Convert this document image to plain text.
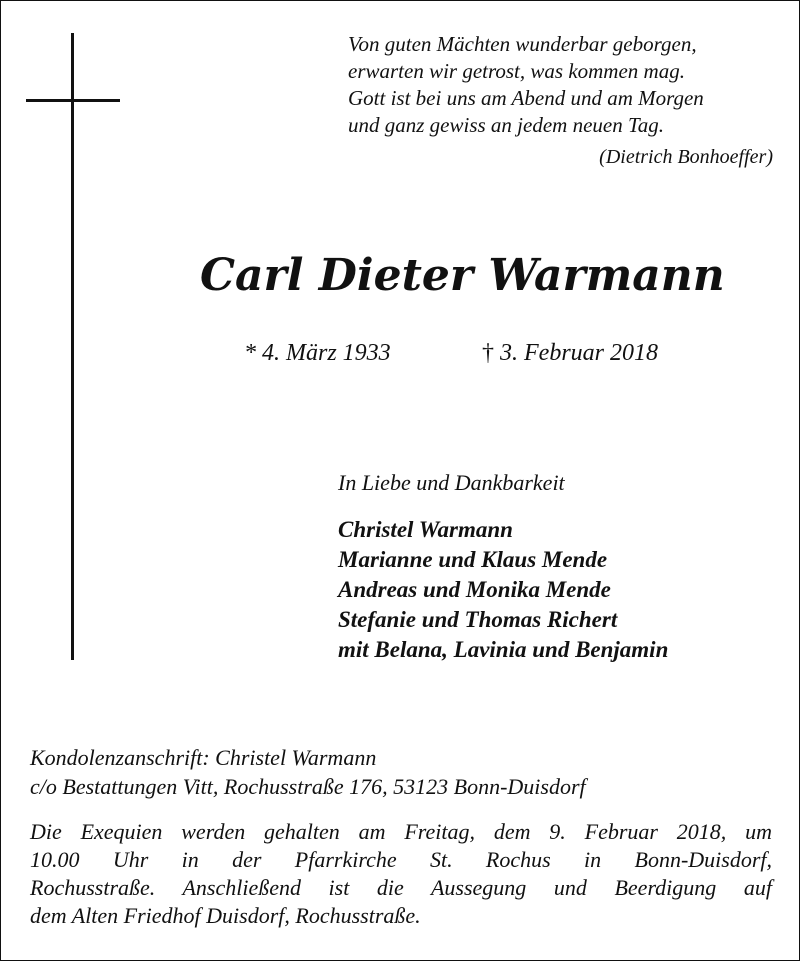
Von guten Mächten wunderbar geborgen,
erwarten wir getrost, was kommen mag.
Gott ist bei uns am Abend und am Morgen
und ganz gewiss an jedem neuen Tag.
(Dietrich Bonhoeffer)
Carl Dieter Warmann
* 4. März 1933	† 3. Februar 2018
In Liebe und Dankbarkeit
Christel Warmann
Marianne und Klaus Mende
Andreas und Monika Mende
Stefanie und Thomas Richert
mit Belana, Lavinia und Benjamin
Kondolenzanschrift: Christel Warmann
c/o Bestattungen Vitt, Rochusstraße 176, 53123 Bonn-Duisdorf
Die Exequien werden gehalten am Freitag, dem 9. Februar 2018, um
10.00 Uhr in der Pfarrkirche St. Rochus in Bonn-Duisdorf,
Rochusstraße. Anschließend ist die Aussegung und Beerdigung auf
dem Alten Friedhof Duisdorf, Rochusstraße.
